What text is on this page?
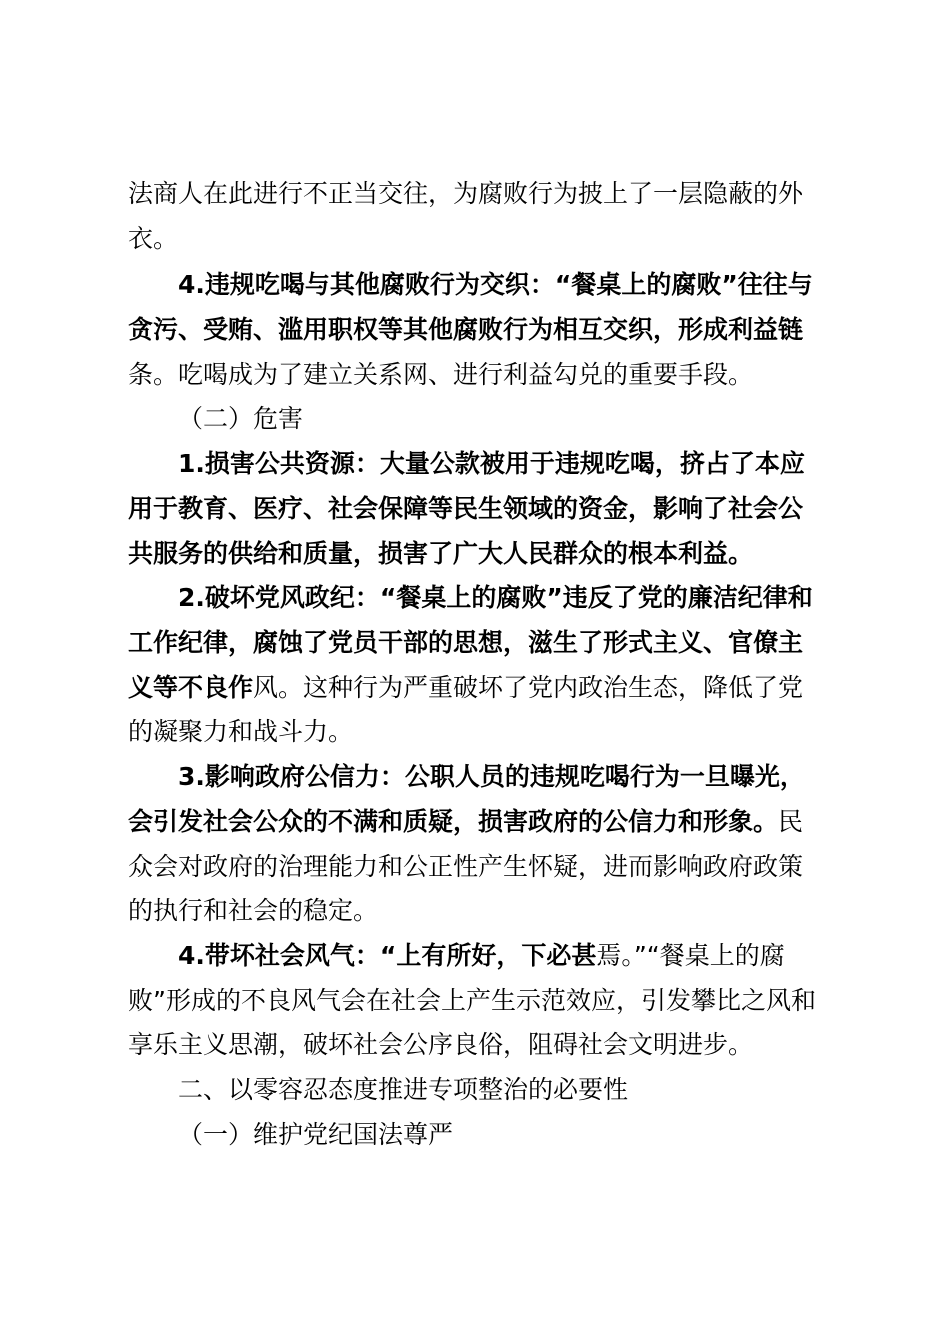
法商人在此进行不正当交往，为腐败行为披上了一层隐蔽的外
衣。
4.违规吃喝与其他腐败行为交织：“餐桌上的腐败”往往与
贪污、受贿、滥用职权等其他腐败行为相互交织，形成利益链
条。吃喝成为了建立关系网、进行利益勾兑的重要手段。
（二）危害
1.损害公共资源：大量公款被用于违规吃喝，挤占了本应
用于教育、医疗、社会保障等民生领域的资金，影响了社会公
共服务的供给和质量，损害了广大人民群众的根本利益。
2.破坏党风政纪：“餐桌上的腐败”违反了党的廉洁纪律和
工作纪律，腐蚀了党员干部的思想，滋生了形式主义、官僚主
义等不良作风。这种行为严重破坏了党内政治生态，降低了党
的凝聚力和战斗力。
3.影响政府公信力：公职人员的违规吃喝行为一旦曝光，
会引发社会公众的不满和质疑，损害政府的公信力和形象。民
众会对政府的治理能力和公正性产生怀疑，进而影响政府政策
的执行和社会的稳定。
4.带坏社会风气：“上有所好，下必甚焉。”“餐桌上的腐
败”形成的不良风气会在社会上产生示范效应，引发攀比之风和
享乐主义思潮，破坏社会公序良俗，阻碍社会文明进步。
二、以零容忍态度推进专项整治的必要性
（一）维护党纪国法尊严
